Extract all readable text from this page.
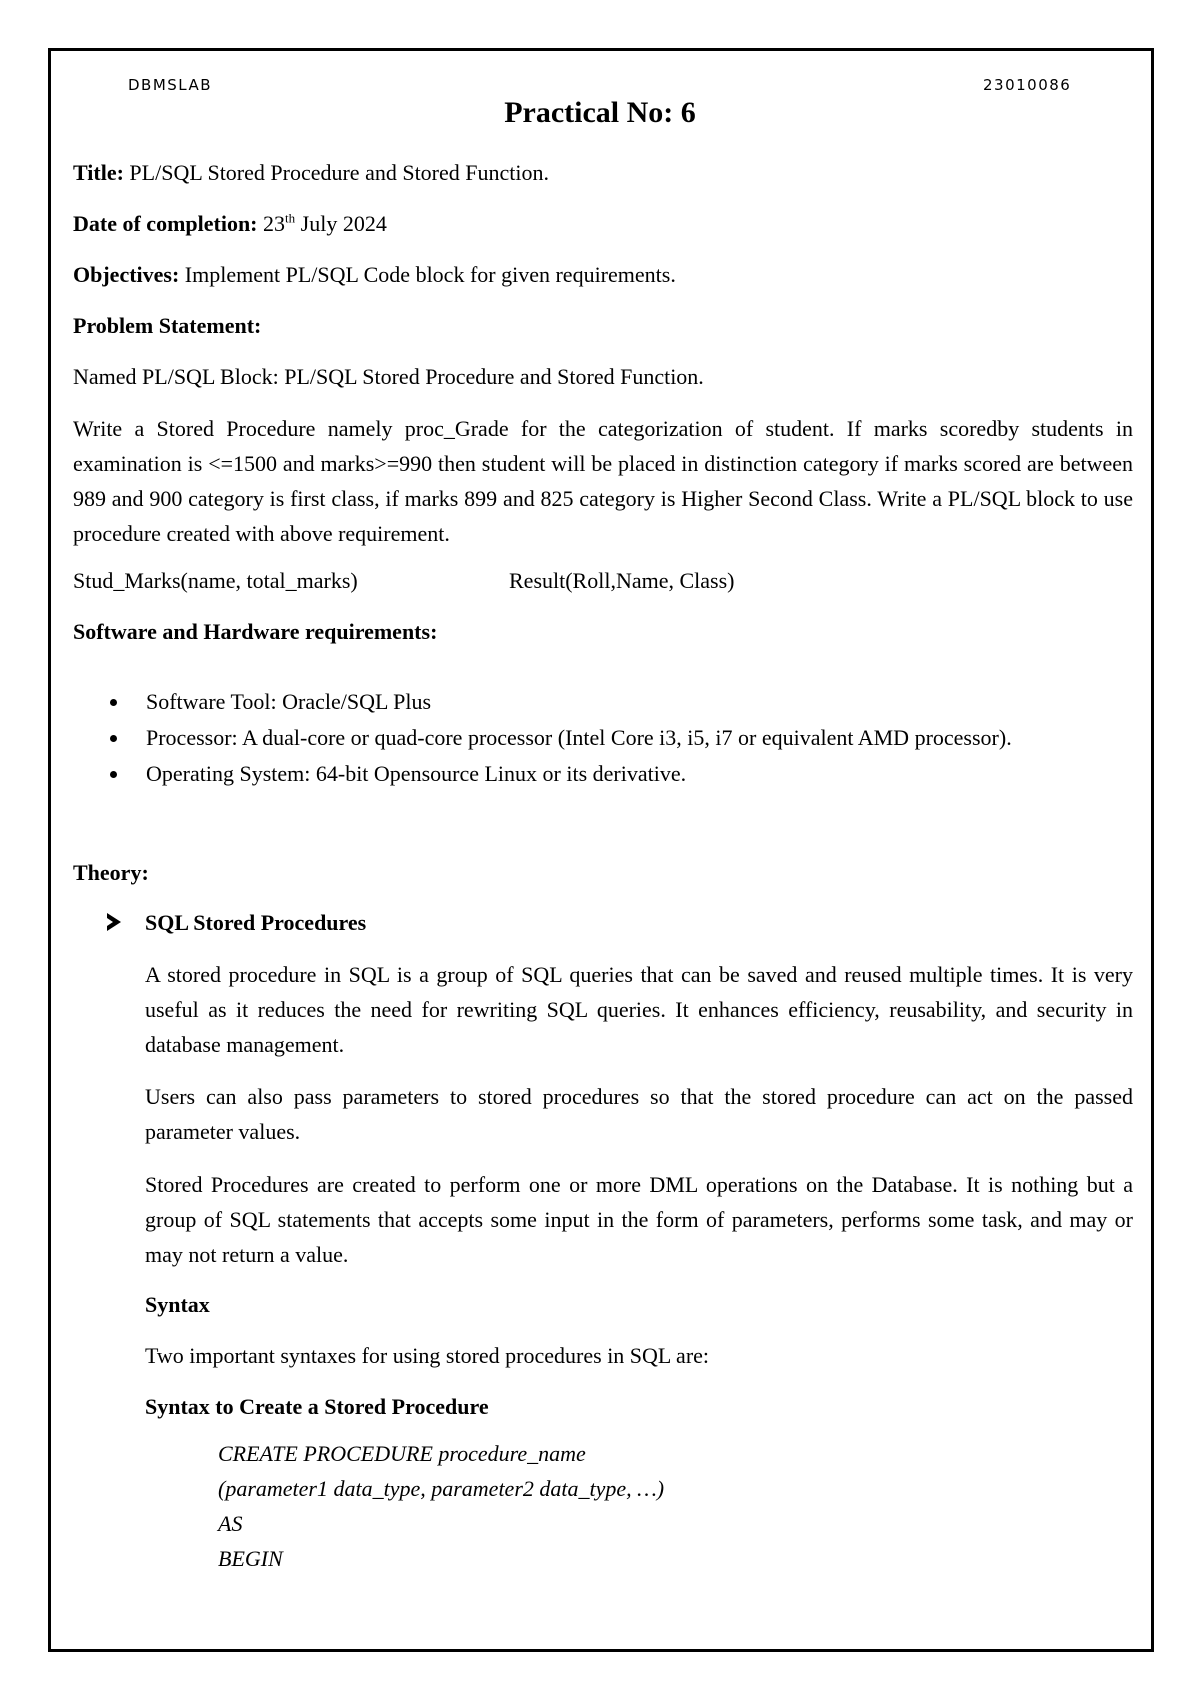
DBMSLAB	23010086
Practical No: 6
Title: PL/SQL Stored Procedure and Stored Function.
Date of completion: 23th July 2024
Objectives: Implement PL/SQL Code block for given requirements.
Problem Statement:
Named PL/SQL Block: PL/SQL Stored Procedure and Stored Function.
Write a Stored Procedure namely proc_Grade for the categorization of student. If marks scoredby students in examination is <=1500 and marks>=990 then student will be placed in distinction category if marks scored are between 989 and 900 category is first class, if marks 899 and 825 category is Higher Second Class. Write a PL/SQL block to use procedure created with above requirement.
Stud_Marks(name, total_marks)	Result(Roll,Name, Class)
Software and Hardware requirements:
Software Tool: Oracle/SQL Plus
Processor: A dual-core or quad-core processor (Intel Core i3, i5, i7 or equivalent AMD processor).
Operating System: 64-bit Opensource Linux or its derivative.
Theory:
SQL Stored Procedures
A stored procedure in SQL is a group of SQL queries that can be saved and reused multiple times. It is very useful as it reduces the need for rewriting SQL queries. It enhances efficiency, reusability, and security in database management.
Users can also pass parameters to stored procedures so that the stored procedure can act on the passed parameter values.
Stored Procedures are created to perform one or more DML operations on the Database. It is nothing but a group of SQL statements that accepts some input in the form of parameters, performs some task, and may or may not return a value.
Syntax
Two important syntaxes for using stored procedures in SQL are:
Syntax to Create a Stored Procedure
CREATE PROCEDURE procedure_name
(parameter1 data_type, parameter2 data_type, …)
AS
BEGIN
